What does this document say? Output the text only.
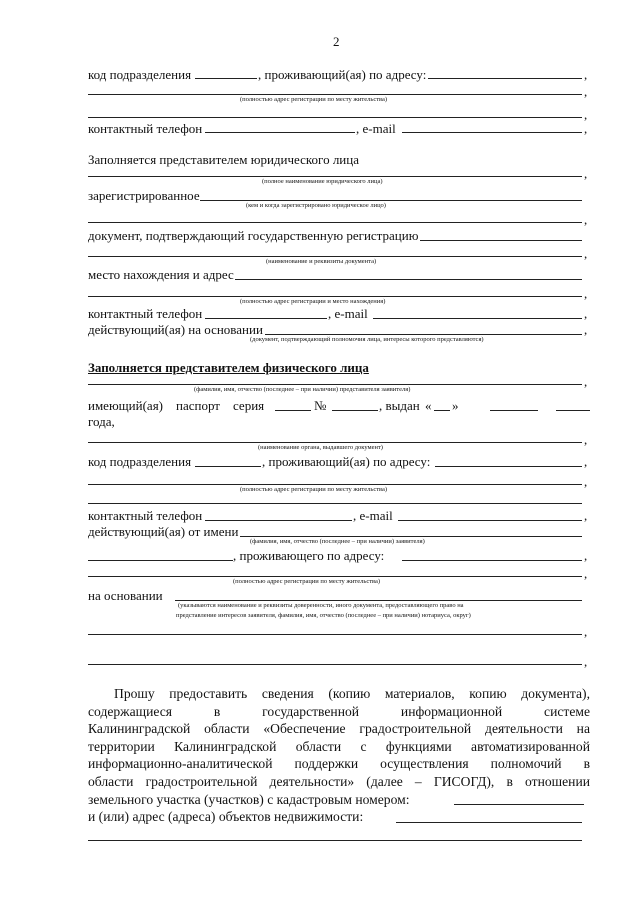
2
код подразделения	, проживающий(ая) по адресу:	,
,
(полностью адрес регистрации по месту жительства)
,
контактный телефон	, e-mail	,
Заполняется представителем юридического лица
,
(полное наименование юридического лица)
зарегистрированное
(кем и когда зарегистрировано юридическое лицо)
,
документ, подтверждающий государственную регистрацию
,
(наименование и реквизиты документа)
место нахождения и адрес
,
(полностью адрес регистрации и место нахождения)
контактный телефон	, e-mail	,
действующий(ая) на основании	,
(документ, подтверждающий полномочия лица, интересы которого представляются)
Заполняется представителем физического лица
,
(фамилия, имя, отчество (последнее – при наличии) представителя заявителя)
имеющий(ая) паспорт серия	№	, выдан « »
года,
,
(наименование органа, выдавшего документ)
код подразделения	, проживающий(ая) по адресу:	,
,
(полностью адрес регистрации по месту жительства)
контактный телефон	, e-mail	,
действующий(ая) от имени
(фамилия, имя, отчество (последнее – при наличии) заявителя)
, проживающего по адресу:	,
,
(полностью адрес регистрации по месту жительства)
на основании
(указываются наименование и реквизиты доверенности, иного документа, предоставляющего право на
представление интересов заявителя, фамилия, имя, отчество (последнее – при наличии) нотариуса, округ)
,
,
Прошу предоставить сведения (копию материалов, копию документа),
содержащиеся в государственной информационной системе
Калининградской области «Обеспечение градостроительной деятельности на
территории Калининградской области с функциями автоматизированной
информационно-аналитической поддержки осуществления полномочий в
области градостроительной деятельности» (далее – ГИСОГД), в отношении
земельного участка (участков) с кадастровым номером:
и (или) адрес (адреса) объектов недвижимости:
